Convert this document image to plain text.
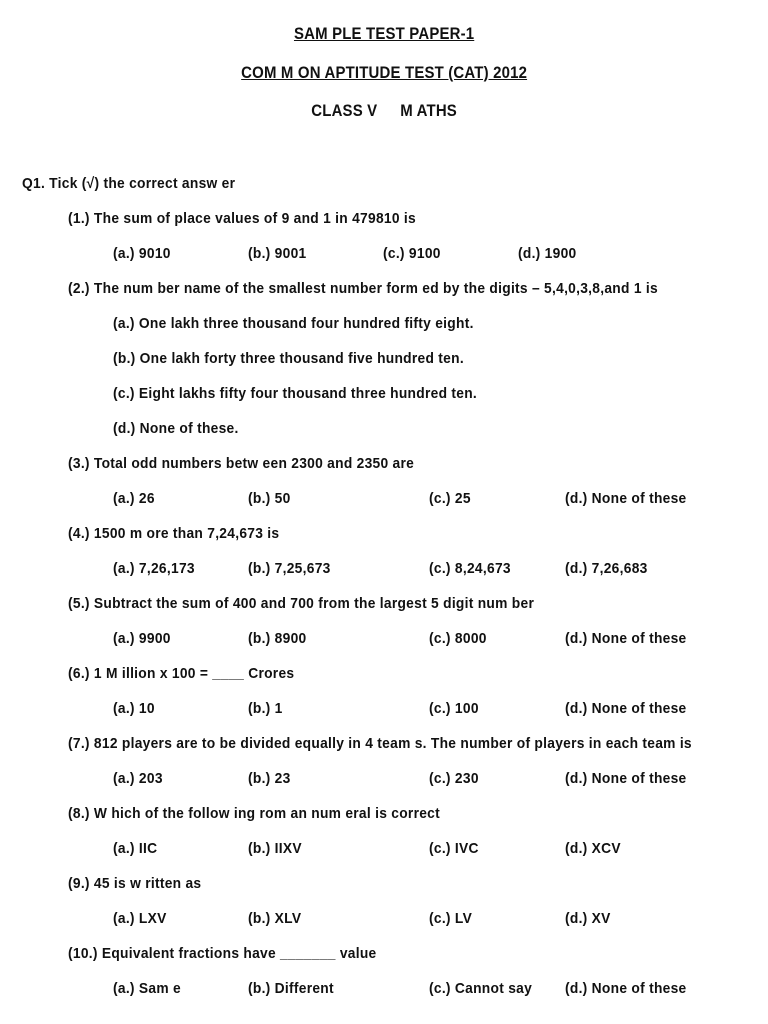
SAM PLE TEST PAPER-1
COM M ON APTITUDE TEST (CAT) 2012
CLASS V M ATHS
Q1. Tick (√) the correct answ er
(1.) The sum of place values of 9 and 1 in 479810 is
(a.) 9010	(b.) 9001	(c.) 9100	(d.) 1900
(2.) The num ber name of the smallest number form ed by the digits – 5,4,0,3,8,and 1 is
(a.) One lakh three thousand four hundred fifty eight.
(b.) One lakh forty three thousand five hundred ten.
(c.) Eight lakhs fifty four thousand three hundred ten.
(d.) None of these.
(3.) Total odd numbers betw een 2300 and 2350 are
(a.) 26	(b.) 50	(c.) 25	(d.) None of these
(4.) 1500 m ore than 7,24,673 is
(a.) 7,26,173	(b.) 7,25,673	(c.) 8,24,673	(d.) 7,26,683
(5.) Subtract the sum of 400 and 700 from the largest 5 digit num ber
(a.) 9900	(b.) 8900	(c.) 8000	(d.) None of these
(6.) 1 M illion x 100 = ____ Crores
(a.) 10	(b.) 1	(c.) 100	(d.) None of these
(7.) 812 players are to be divided equally in 4 team s. The number of players in each team is
(a.) 203	(b.) 23	(c.) 230	(d.) None of these
(8.) W hich of the follow ing rom an num eral is correct
(a.) IIC	(b.) IIXV	(c.) IVC	(d.) XCV
(9.) 45 is w ritten as
(a.) LXV	(b.) XLV	(c.) LV	(d.) XV
(10.) Equivalent fractions have _______ value
(a.) Sam e	(b.) Different	(c.) Cannot say (d.) None of these
